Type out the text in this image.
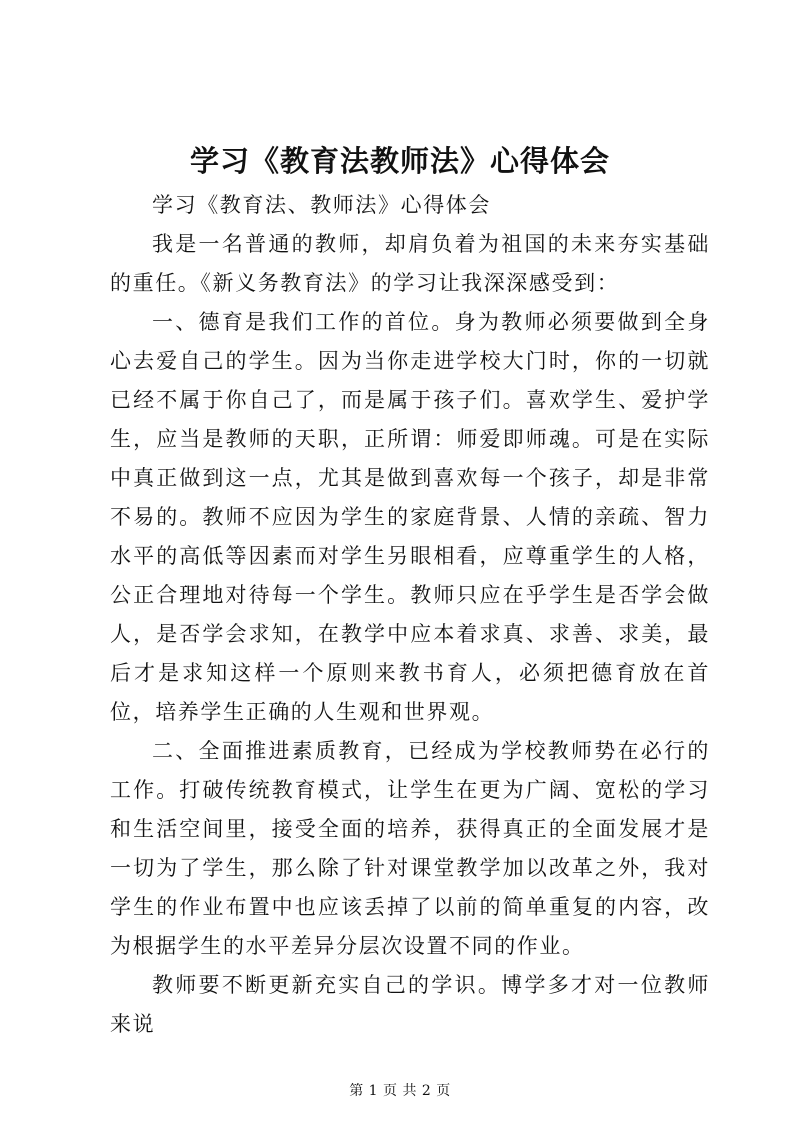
学习《教育法教师法》心得体会

学习《教育法、教师法》心得体会

我是一名普通的教师，却肩负着为祖国的未来夯实基础的重任。《新义务教育法》的学习让我深深感受到：

一、德育是我们工作的首位。身为教师必须要做到全身心去爱自己的学生。因为当你走进学校大门时，你的一切就已经不属于你自己了，而是属于孩子们。喜欢学生、爱护学生，应当是教师的天职，正所谓：师爱即师魂。可是在实际中真正做到这一点，尤其是做到喜欢每一个孩子，却是非常不易的。教师不应因为学生的家庭背景、人情的亲疏、智力水平的高低等因素而对学生另眼相看，应尊重学生的人格，公正合理地对待每一个学生。教师只应在乎学生是否学会做人，是否学会求知，在教学中应本着求真、求善、求美，最后才是求知这样一个原则来教书育人，必须把德育放在首位，培养学生正确的人生观和世界观。

二、全面推进素质教育，已经成为学校教师势在必行的工作。打破传统教育模式，让学生在更为广阔、宽松的学习和生活空间里，接受全面的培养，获得真正的全面发展才是一切为了学生，那么除了针对课堂教学加以改革之外，我对学生的作业布置中也应该丢掉了以前的简单重复的内容，改为根据学生的水平差异分层次设置不同的作业。

教师要不断更新充实自己的学识。博学多才对一位教师来说

第 1 页 共 2 页
